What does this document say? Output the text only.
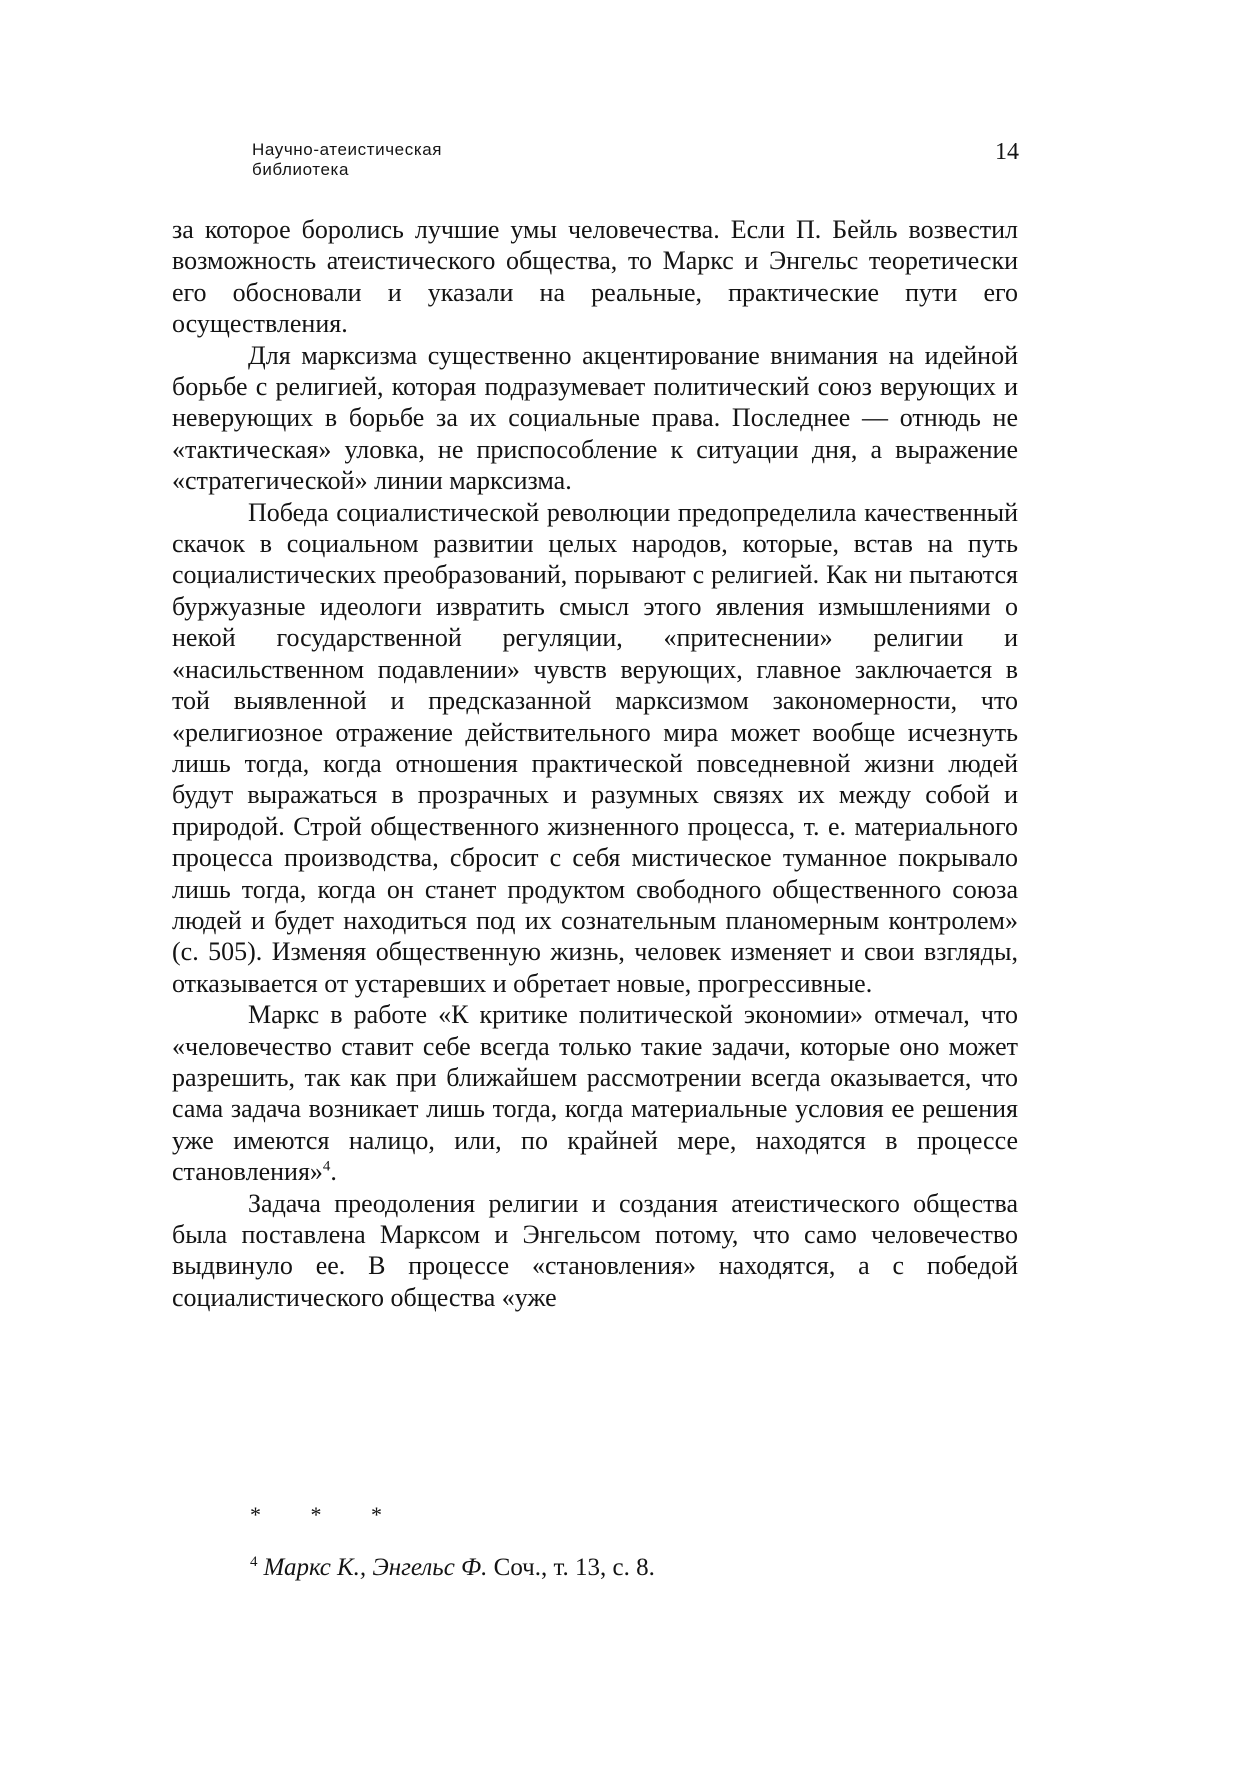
Научно-атеистическая
библиотека
14

за которое боролись лучшие умы человечества. Если П. Бейль возвестил возможность атеистического общества, то Маркс и Энгельс теоретически его обосновали и указали на реальные, практические пути его осуществления.

Для марксизма существенно акцентирование внимания на идейной борьбе с религией, которая подразумевает политический союз верующих и неверующих в борьбе за их социальные права. Последнее — отнюдь не «тактическая» уловка, не приспособление к ситуации дня, а выражение «стратегической» линии марксизма.

Победа социалистической революции предопределила качественный скачок в социальном развитии целых народов, которые, встав на путь социалистических преобразований, порывают с религией. Как ни пытаются буржуазные идеологи извратить смысл этого явления измышлениями о некой государственной регуляции, «притеснении» религии и «насильственном подавлении» чувств верующих, главное заключается в той выявленной и предсказанной марксизмом закономерности, что «религиозное отражение действительного мира может вообще исчезнуть лишь тогда, когда отношения практической повседневной жизни людей будут выражаться в прозрачных и разумных связях их между собой и природой. Строй общественного жизненного процесса, т. е. материального процесса производства, сбросит с себя мистическое туманное покрывало лишь тогда, когда он станет продуктом свободного общественного союза людей и будет находиться под их сознательным планомерным контролем» (с. 505). Изменяя общественную жизнь, человек изменяет и свои взгляды, отказывается от устаревших и обретает новые, прогрессивные.

Маркс в работе «К критике политической экономии» отмечал, что «человечество ставит себе всегда только такие задачи, которые оно может разрешить, так как при ближайшем рассмотрении всегда оказывается, что сама задача возникает лишь тогда, когда материальные условия ее решения уже имеются налицо, или, по крайней мере, находятся в процессе становления»$^4$.

Задача преодоления религии и создания атеистического общества была поставлена Марксом и Энгельсом потому, что само человечество выдвинуло ее. В процессе «становления» находятся, а с победой социалистического общества «уже

* * *
$^4$ Маркс К., Энгельс Ф. Соч., т. 13, с. 8.
